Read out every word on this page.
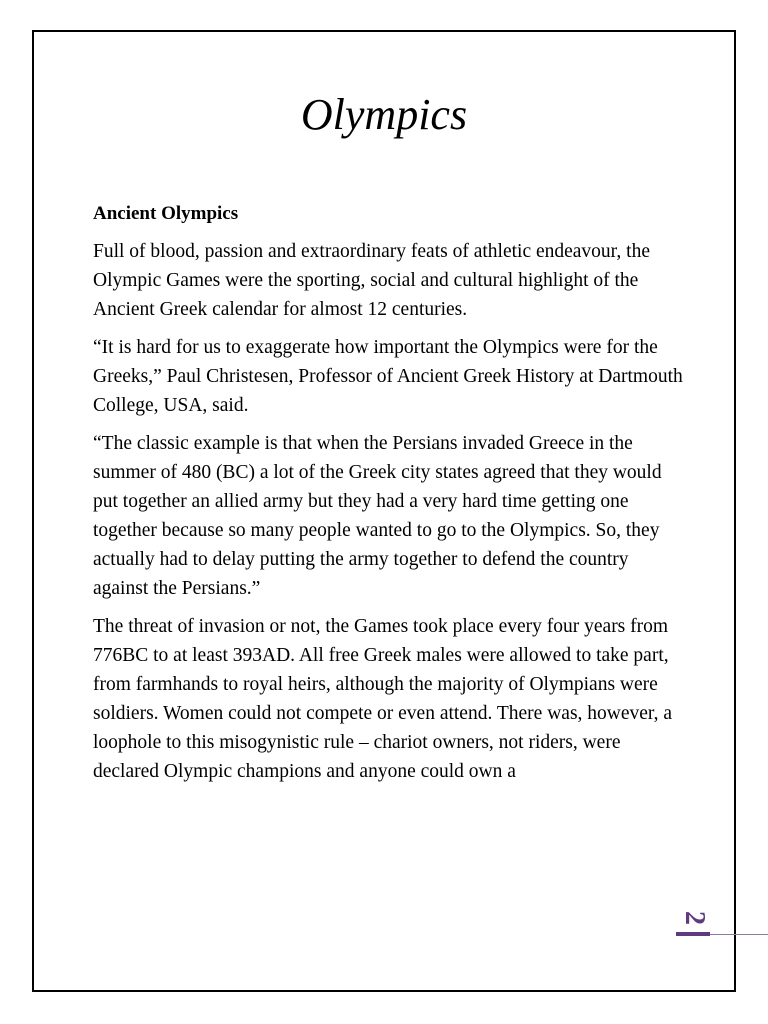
Olympics
Ancient Olympics

Full of blood, passion and extraordinary feats of athletic endeavour, the Olympic Games were the sporting, social and cultural highlight of the Ancient Greek calendar for almost 12 centuries.

“It is hard for us to exaggerate how important the Olympics were for the Greeks,” Paul Christesen, Professor of Ancient Greek History at Dartmouth College, USA, said.

“The classic example is that when the Persians invaded Greece in the summer of 480 (BC) a lot of the Greek city states agreed that they would put together an allied army but they had a very hard time getting one together because so many people wanted to go to the Olympics. So, they actually had to delay putting the army together to defend the country against the Persians.”

The threat of invasion or not, the Games took place every four years from 776BC to at least 393AD. All free Greek males were allowed to take part, from farmhands to royal heirs, although the majority of Olympians were soldiers. Women could not compete or even attend. There was, however, a loophole to this misogynistic rule – chariot owners, not riders, were declared Olympic champions and anyone could own a

2
